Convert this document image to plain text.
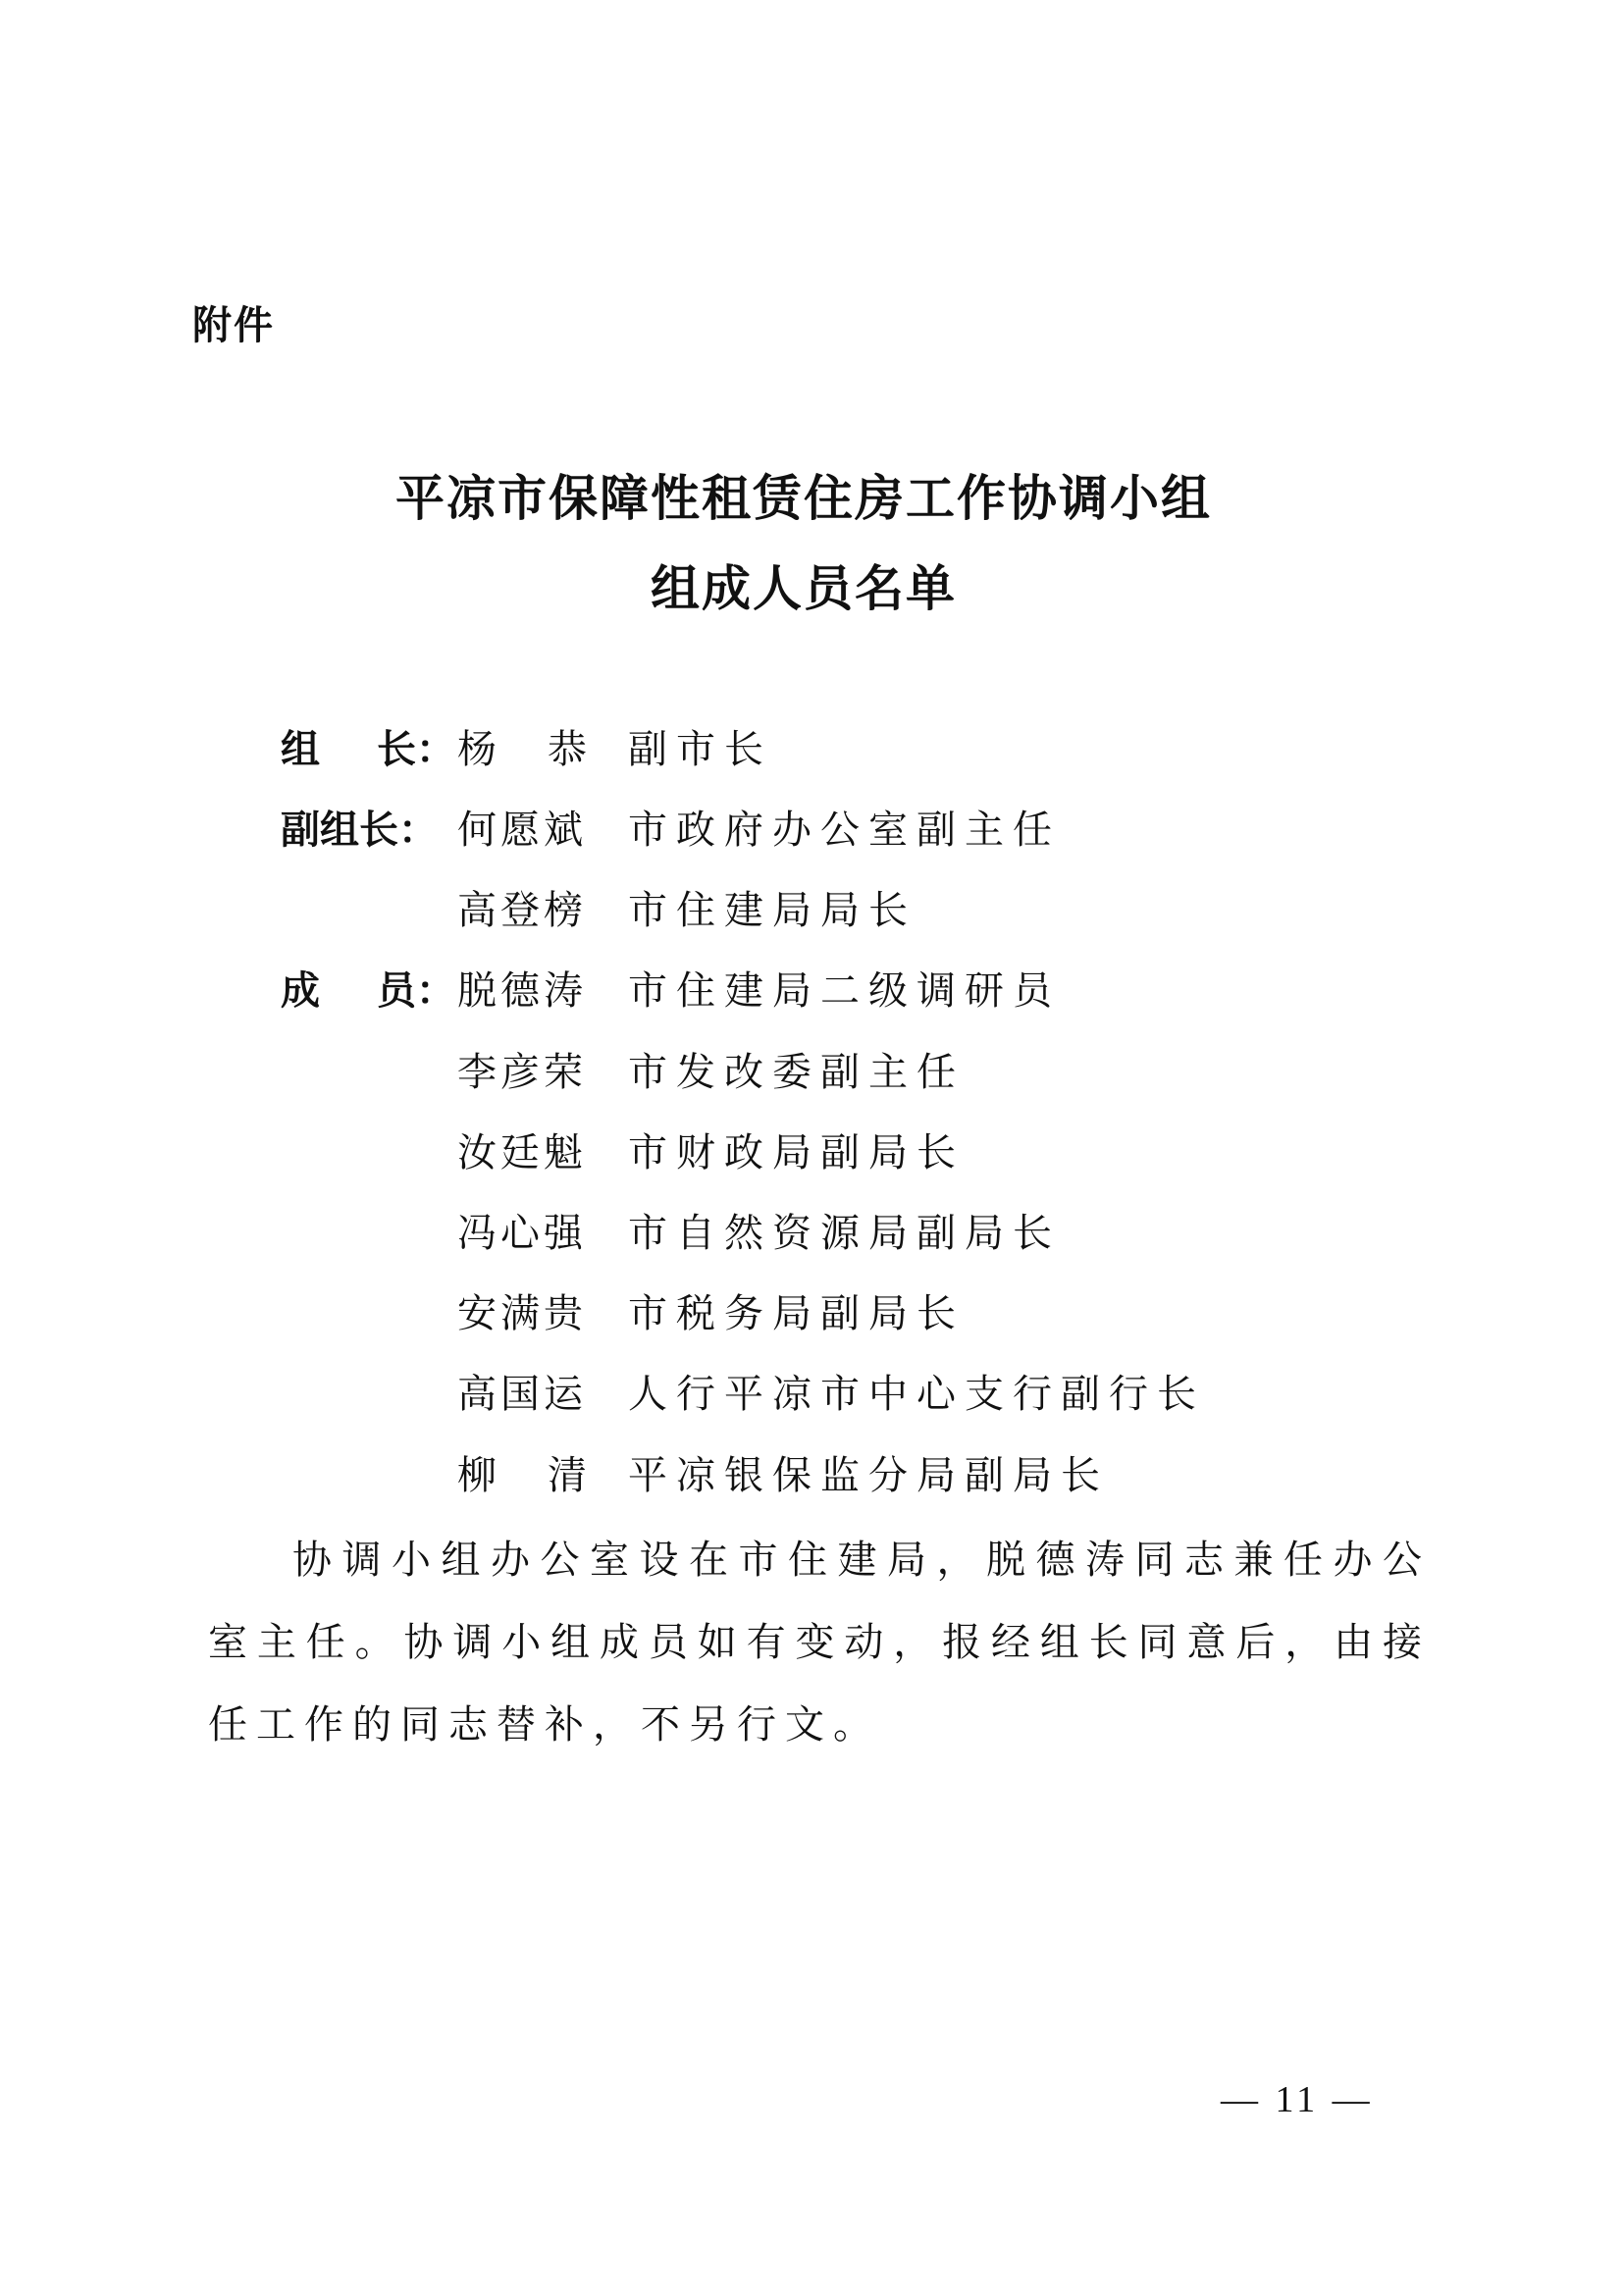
附件
平凉市保障性租赁住房工作协调小组
组成人员名单
组 长： 杨 恭 副市长
副组长： 何愿斌 市政府办公室副主任
高登榜 市住建局局长
成 员： 脱德涛 市住建局二级调研员
李彦荣 市发改委副主任
汝廷魁 市财政局副局长
冯心强 市自然资源局副局长
安满贵 市税务局副局长
高国运 人行平凉市中心支行副行长
柳 清 平凉银保监分局副局长
协调小组办公室设在市住建局，脱德涛同志兼任办公室主任。协调小组成员如有变动，报经组长同意后，由接任工作的同志替补，不另行文。
— 11 —
